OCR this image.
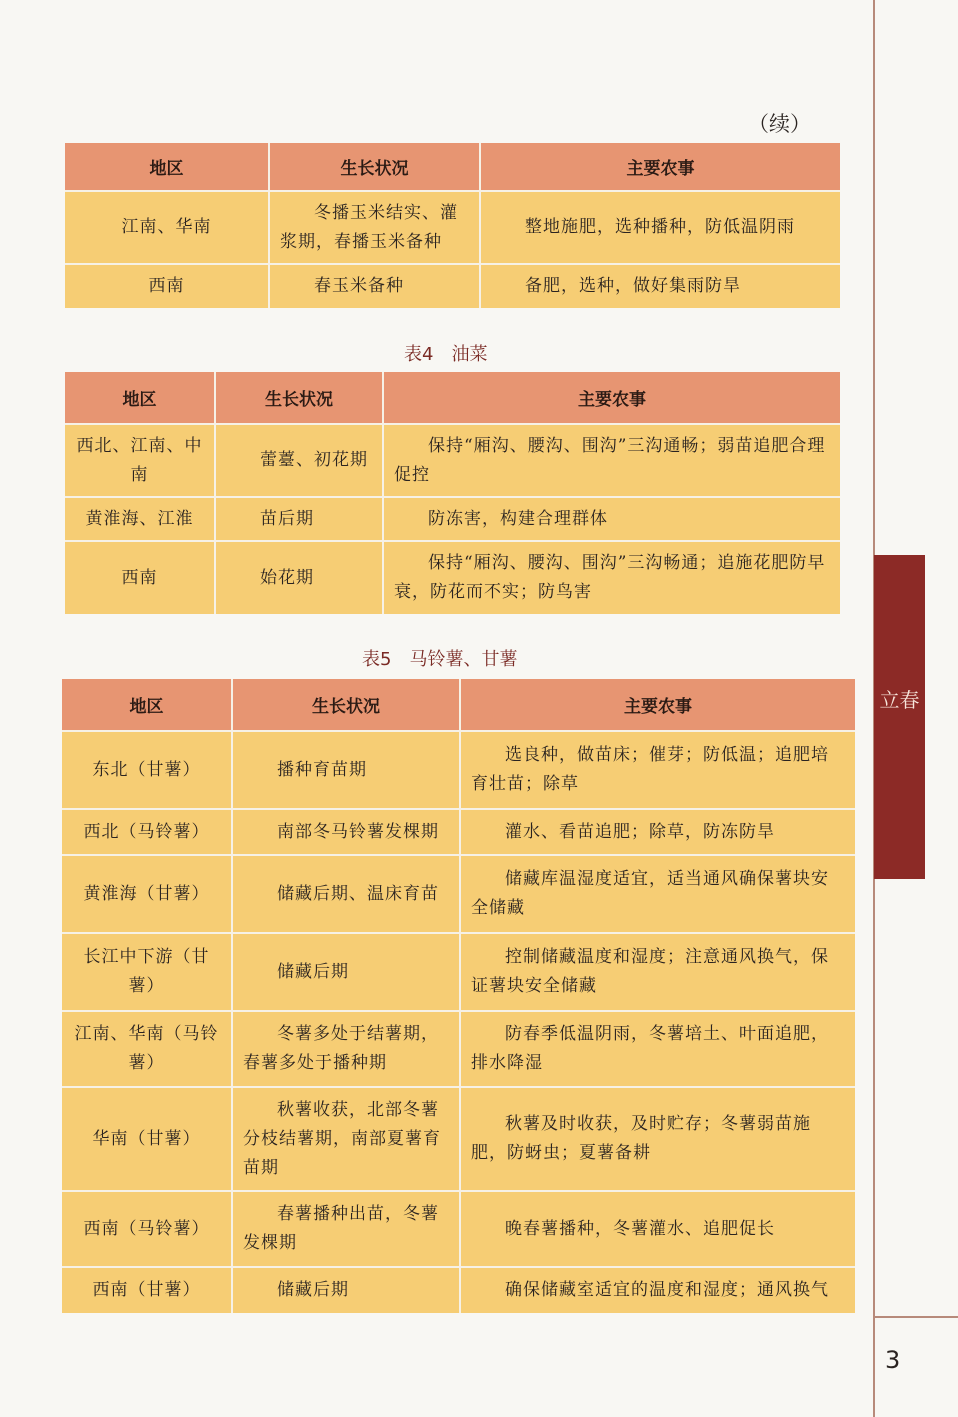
3
立春
（续）
地区	生长状况	主要农事
江南、华南	冬播玉米结实、灌浆期，春播玉米备种	整地施肥，选种播种，防低温阴雨
西南	春玉米备种	备肥，选种，做好集雨防旱
表4　油菜
地区	生长状况	主要农事
西北、江南、中南	蕾薹、初花期	保持“厢沟、腰沟、围沟”三沟通畅；弱苗追肥合理促控
黄淮海、江淮	苗后期	防冻害，构建合理群体
西南	始花期	保持“厢沟、腰沟、围沟”三沟畅通；追施花肥防早衰，防花而不实；防鸟害
表5　马铃薯、甘薯
地区	生长状况	主要农事
东北（甘薯）	播种育苗期	选良种，做苗床；催芽；防低温；追肥培育壮苗；除草
西北（马铃薯）	南部冬马铃薯发棵期	灌水、看苗追肥；除草，防冻防旱
黄淮海（甘薯）	储藏后期、温床育苗	储藏库温湿度适宜，适当通风确保薯块安全储藏
长江中下游（甘薯）	储藏后期	控制储藏温度和湿度；注意通风换气，保证薯块安全储藏
江南、华南（马铃薯）	冬薯多处于结薯期，春薯多处于播种期	防春季低温阴雨，冬薯培土、叶面追肥，排水降湿
华南（甘薯）	秋薯收获，北部冬薯分枝结薯期，南部夏薯育苗期	秋薯及时收获，及时贮存；冬薯弱苗施肥，防蚜虫；夏薯备耕
西南（马铃薯）	春薯播种出苗，冬薯发棵期	晚春薯播种，冬薯灌水、追肥促长
西南（甘薯）	储藏后期	确保储藏室适宜的温度和湿度；通风换气
